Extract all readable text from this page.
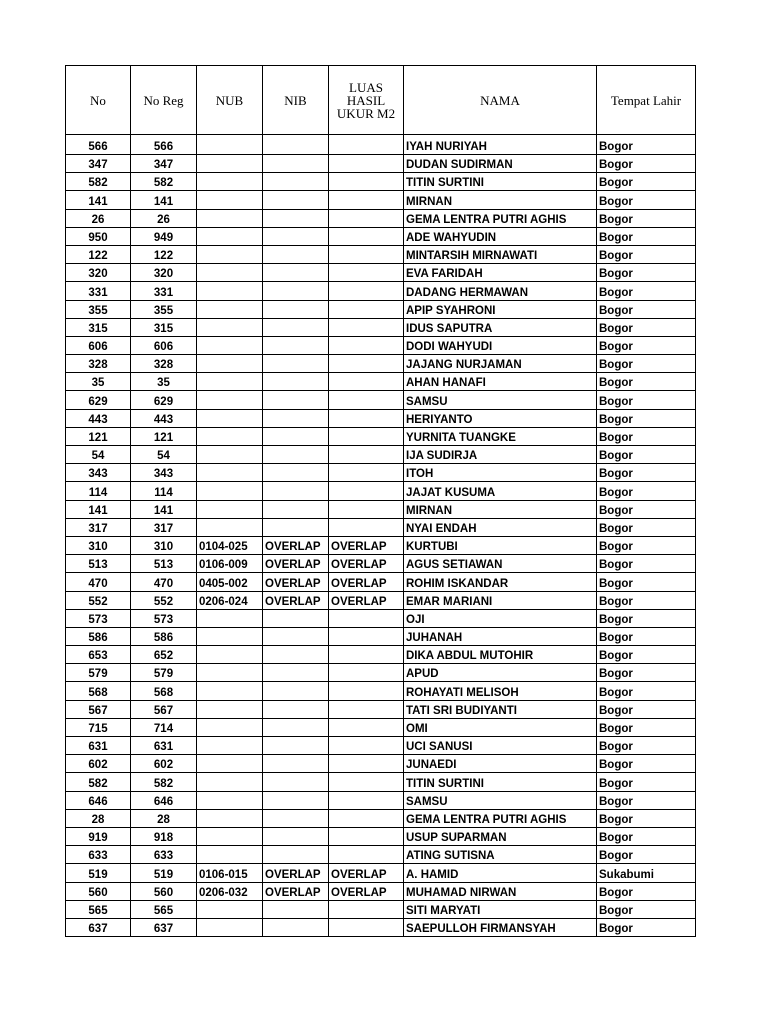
No	No Reg	NUB	NIB	LUAS HASIL UKUR M2	NAMA	Tempat Lahir
566	566				IYAH NURIYAH	Bogor
347	347				DUDAN SUDIRMAN	Bogor
582	582				TITIN SURTINI	Bogor
141	141				MIRNAN	Bogor
26	26				GEMA LENTRA PUTRI AGHIS	Bogor
950	949				ADE WAHYUDIN	Bogor
122	122				MINTARSIH MIRNAWATI	Bogor
320	320				EVA FARIDAH	Bogor
331	331				DADANG HERMAWAN	Bogor
355	355				APIP SYAHRONI	Bogor
315	315				IDUS SAPUTRA	Bogor
606	606				DODI WAHYUDI	Bogor
328	328				JAJANG NURJAMAN	Bogor
35	35				AHAN HANAFI	Bogor
629	629				SAMSU	Bogor
443	443				HERIYANTO	Bogor
121	121				YURNITA TUANGKE	Bogor
54	54				IJA SUDIRJA	Bogor
343	343				ITOH	Bogor
114	114				JAJAT KUSUMA	Bogor
141	141				MIRNAN	Bogor
317	317				NYAI ENDAH	Bogor
310	310	0104-025	OVERLAP	OVERLAP	KURTUBI	Bogor
513	513	0106-009	OVERLAP	OVERLAP	AGUS SETIAWAN	Bogor
470	470	0405-002	OVERLAP	OVERLAP	ROHIM ISKANDAR	Bogor
552	552	0206-024	OVERLAP	OVERLAP	EMAR MARIANI	Bogor
573	573				OJI	Bogor
586	586				JUHANAH	Bogor
653	652				DIKA ABDUL MUTOHIR	Bogor
579	579				APUD	Bogor
568	568				ROHAYATI MELISOH	Bogor
567	567				TATI SRI BUDIYANTI	Bogor
715	714				OMI	Bogor
631	631				UCI SANUSI	Bogor
602	602				JUNAEDI	Bogor
582	582				TITIN SURTINI	Bogor
646	646				SAMSU	Bogor
28	28				GEMA LENTRA PUTRI AGHIS	Bogor
919	918				USUP SUPARMAN	Bogor
633	633				ATING SUTISNA	Bogor
519	519	0106-015	OVERLAP	OVERLAP	A. HAMID	Sukabumi
560	560	0206-032	OVERLAP	OVERLAP	MUHAMAD NIRWAN	Bogor
565	565				SITI MARYATI	Bogor
637	637				SAEPULLOH FIRMANSYAH	Bogor
